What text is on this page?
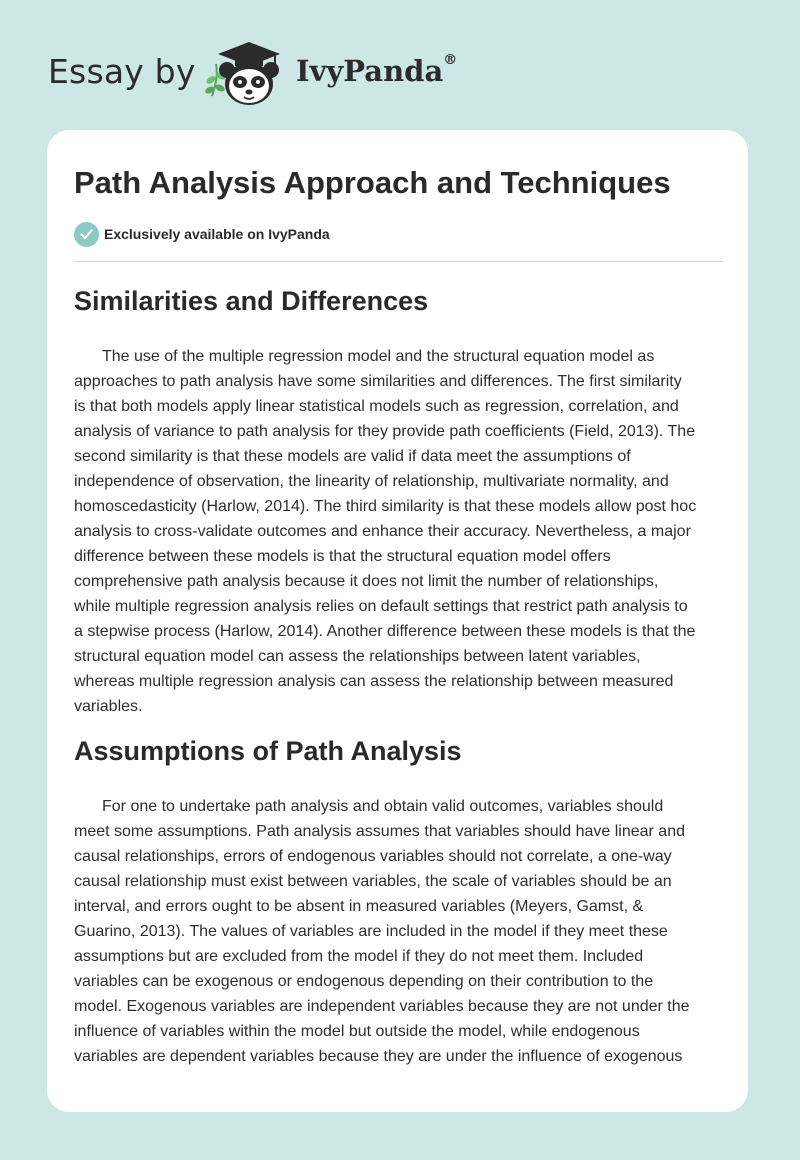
Essay by	IvyPanda®
Path Analysis Approach and Techniques
Exclusively available on IvyPanda
Similarities and Differences

The use of the multiple regression model and the structural equation model as
approaches to path analysis have some similarities and differences. The first similarity
is that both models apply linear statistical models such as regression, correlation, and
analysis of variance to path analysis for they provide path coefficients (Field, 2013). The
second similarity is that these models are valid if data meet the assumptions of
independence of observation, the linearity of relationship, multivariate normality, and
homoscedasticity (Harlow, 2014). The third similarity is that these models allow post hoc
analysis to cross-validate outcomes and enhance their accuracy. Nevertheless, a major
difference between these models is that the structural equation model offers
comprehensive path analysis because it does not limit the number of relationships,
while multiple regression analysis relies on default settings that restrict path analysis to
a stepwise process (Harlow, 2014). Another difference between these models is that the
structural equation model can assess the relationships between latent variables,
whereas multiple regression analysis can assess the relationship between measured
variables.

Assumptions of Path Analysis

For one to undertake path analysis and obtain valid outcomes, variables should
meet some assumptions. Path analysis assumes that variables should have linear and
causal relationships, errors of endogenous variables should not correlate, a one-way
causal relationship must exist between variables, the scale of variables should be an
interval, and errors ought to be absent in measured variables (Meyers, Gamst, &
Guarino, 2013). The values of variables are included in the model if they meet these
assumptions but are excluded from the model if they do not meet them. Included
variables can be exogenous or endogenous depending on their contribution to the
model. Exogenous variables are independent variables because they are not under the
influence of variables within the model but outside the model, while endogenous
variables are dependent variables because they are under the influence of exogenous
